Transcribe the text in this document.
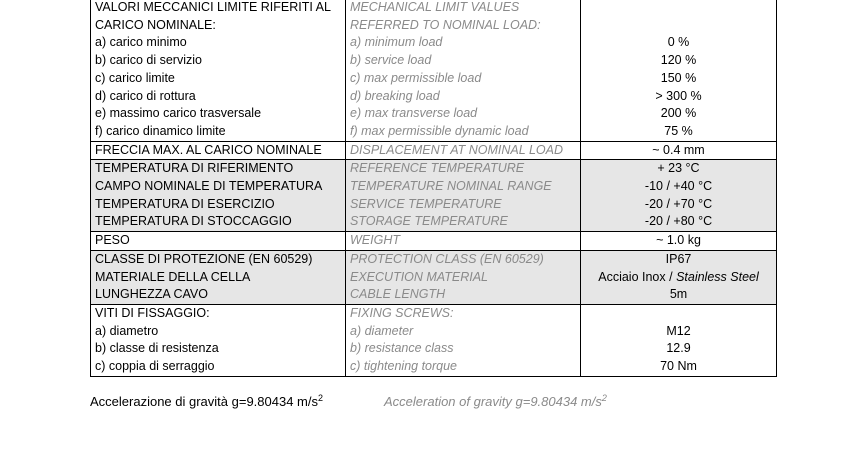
VALORI MECCANICI LIMITE RIFERITI AL	MECHANICAL LIMIT VALUES	
CARICO NOMINALE:	REFERRED TO NOMINAL LOAD:	
a) carico minimo	a) minimum load	0 %
b) carico di servizio	b) service load	120 %
c) carico limite	c) max permissible load	150 %
d) carico di rottura	d) breaking load	> 300 %
e) massimo carico trasversale	e) max transverse load	200 %
f) carico dinamico limite	f) max permissible dynamic load	75 %
FRECCIA MAX. AL CARICO NOMINALE	DISPLACEMENT AT NOMINAL LOAD	~ 0.4 mm
TEMPERATURA DI RIFERIMENTO	REFERENCE TEMPERATURE	+ 23 °C
CAMPO NOMINALE DI TEMPERATURA	TEMPERATURE NOMINAL RANGE	-10 / +40 °C
TEMPERATURA DI ESERCIZIO	SERVICE TEMPERATURE	-20 / +70 °C
TEMPERATURA DI STOCCAGGIO	STORAGE TEMPERATURE	-20 / +80 °C
PESO	WEIGHT	~ 1.0 kg
CLASSE DI PROTEZIONE (EN 60529)	PROTECTION CLASS (EN 60529)	IP67
MATERIALE DELLA CELLA	EXECUTION MATERIAL	Acciaio Inox / Stainless Steel
LUNGHEZZA CAVO	CABLE LENGTH	5m
VITI DI FISSAGGIO:	FIXING SCREWS:	
a) diametro	a) diameter	M12
b) classe di resistenza	b) resistance class	12.9
c) coppia di serraggio	c) tightening torque	70 Nm
Accelerazione di gravità g=9.80434 $m/s^2$	Acceleration of gravity g=9.80434 $m/s^2$
